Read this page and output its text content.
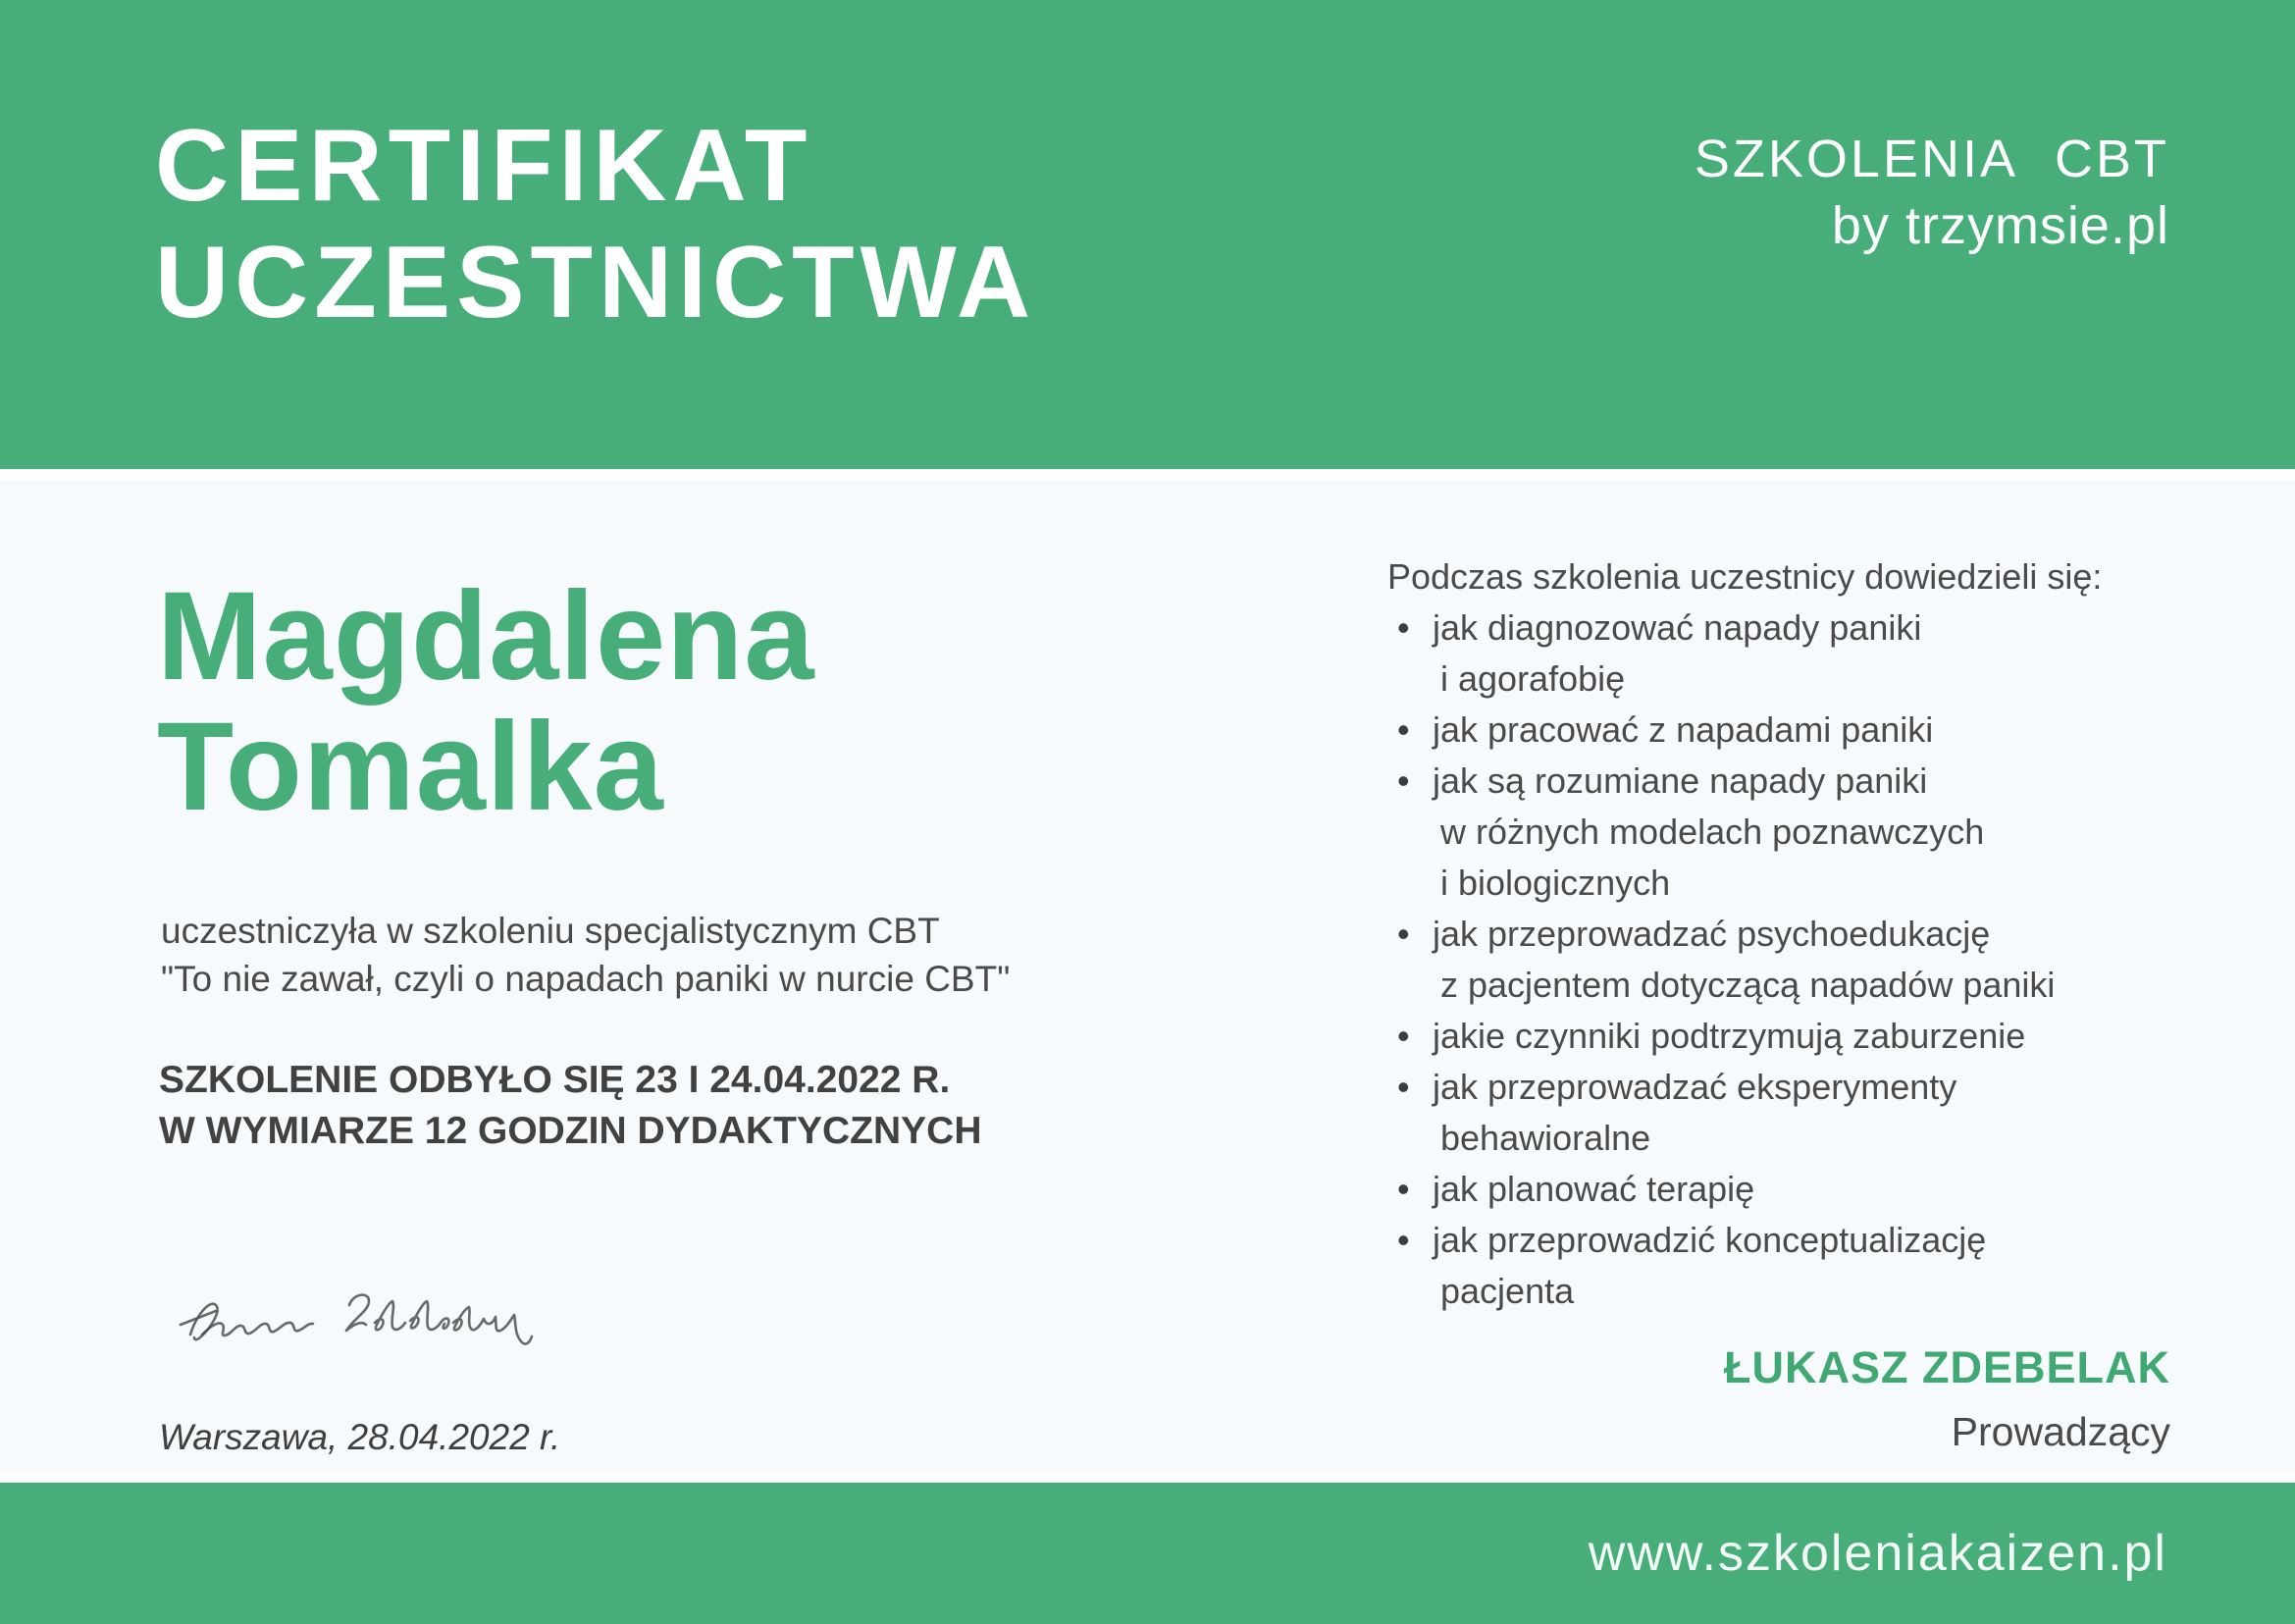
CERTIFIKAT
UCZESTNICTWA
SZKOLENIA CBT
by trzymsie.pl
Magdalena
Tomalka

uczestniczyła w szkoleniu specjalistycznym CBT
"To nie zawał, czyli o napadach paniki w nurcie CBT"

SZKOLENIE ODBYŁO SIĘ 23 I 24.04.2022 R.
W WYMIARZE 12 GODZIN DYDAKTYCZNYCH

Warszawa, 28.04.2022 r.

Podczas szkolenia uczestnicy dowiedzieli się:

• jak diagnozować napady paniki
i agorafobię
• jak pracować z napadami paniki
• jak są rozumiane napady paniki
w różnych modelach poznawczych
i biologicznych
• jak przeprowadzać psychoedukację
z pacjentem dotyczącą napadów paniki
• jakie czynniki podtrzymują zaburzenie
• jak przeprowadzać eksperymenty
behawioralne
• jak planować terapię
• jak przeprowadzić konceptualizację
pacjenta
ŁUKASZ ZDEBELAK
Prowadzący
www.szkoleniakaizen.pl
